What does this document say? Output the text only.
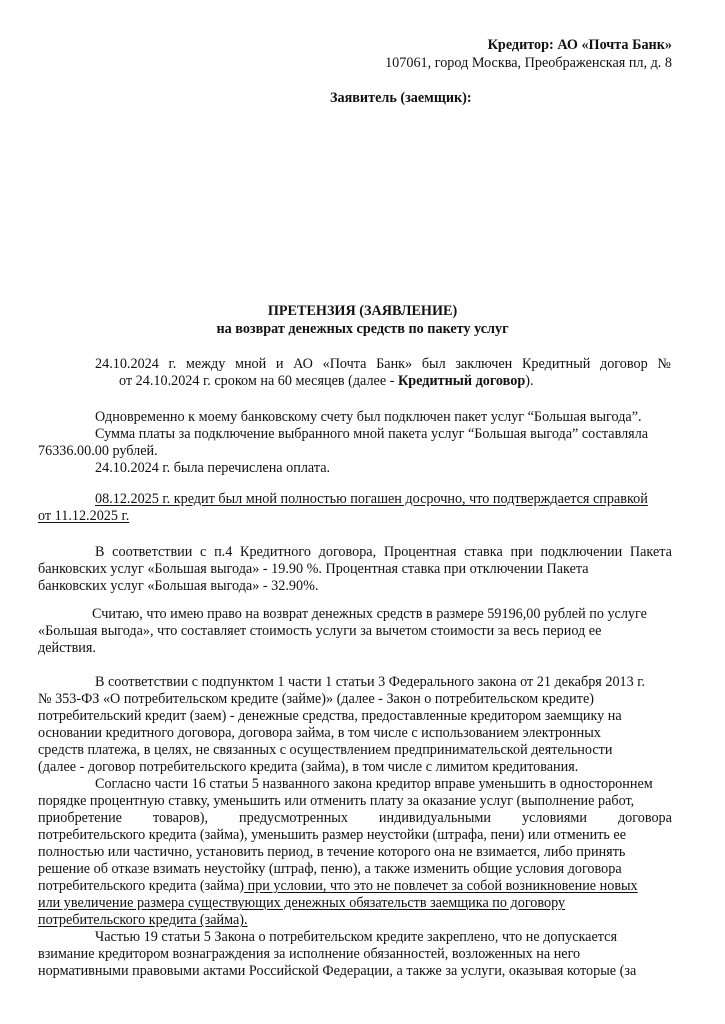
Кредитор: АО «Почта Банк»
107061, город Москва, Преображенская пл, д. 8
Заявитель (заемщик):
ПРЕТЕНЗИЯ (ЗАЯВЛЕНИЕ)
на возврат денежных средств по пакету услуг
24.10.2024 г. между мной и АО «Почта Банк» был заключен Кредитный договор №
от 24.10.2024 г. сроком на 60 месяцев (далее - Кредитный договор).
Одновременно к моему банковскому счету был подключен пакет услуг “Большая выгода”.
Сумма платы за подключение выбранного мной пакета услуг “Большая выгода” составляла
76336.00.00 рублей.
24.10.2024 г. была перечислена оплата.
08.12.2025 г. кредит был мной полностью погашен досрочно, что подтверждается справкой
от 11.12.2025 г.
В соответствии с п.4 Кредитного договора, Процентная ставка при подключении Пакета
банковских услуг «Большая выгода» - 19.90 %. Процентная ставка при отключении Пакета
банковских услуг «Большая выгода» - 32.90%.
Считаю, что имею право на возврат денежных средств в размере 59196,00 рублей по услуге
«Большая выгода», что составляет стоимость услуги за вычетом стоимости за весь период ее
действия.
В соответствии с подпунктом 1 части 1 статьи 3 Федерального закона от 21 декабря 2013 г.
№ 353-ФЗ «О потребительском кредите (займе)» (далее - Закон о потребительском кредите)
потребительский кредит (заем) - денежные средства, предоставленные кредитором заемщику на
основании кредитного договора, договора займа, в том числе с использованием электронных
средств платежа, в целях, не связанных с осуществлением предпринимательской деятельности
(далее - договор потребительского кредита (займа), в том числе с лимитом кредитования.
Согласно части 16 статьи 5 названного закона кредитор вправе уменьшить в одностороннем
порядке процентную ставку, уменьшить или отменить плату за оказание услуг (выполнение работ,
приобретение товаров), предусмотренных индивидуальными условиями договора
потребительского кредита (займа), уменьшить размер неустойки (штрафа, пени) или отменить ее
полностью или частично, установить период, в течение которого она не взимается, либо принять
решение об отказе взимать неустойку (штраф, пеню), а также изменить общие условия договора
потребительского кредита (займа) при условии, что это не повлечет за собой возникновение новых
или увеличение размера существующих денежных обязательств заемщика по договору
потребительского кредита (займа).
Частью 19 статьи 5 Закона о потребительском кредите закреплено, что не допускается
взимание кредитором вознаграждения за исполнение обязанностей, возложенных на него
нормативными правовыми актами Российской Федерации, а также за услуги, оказывая которые (за
